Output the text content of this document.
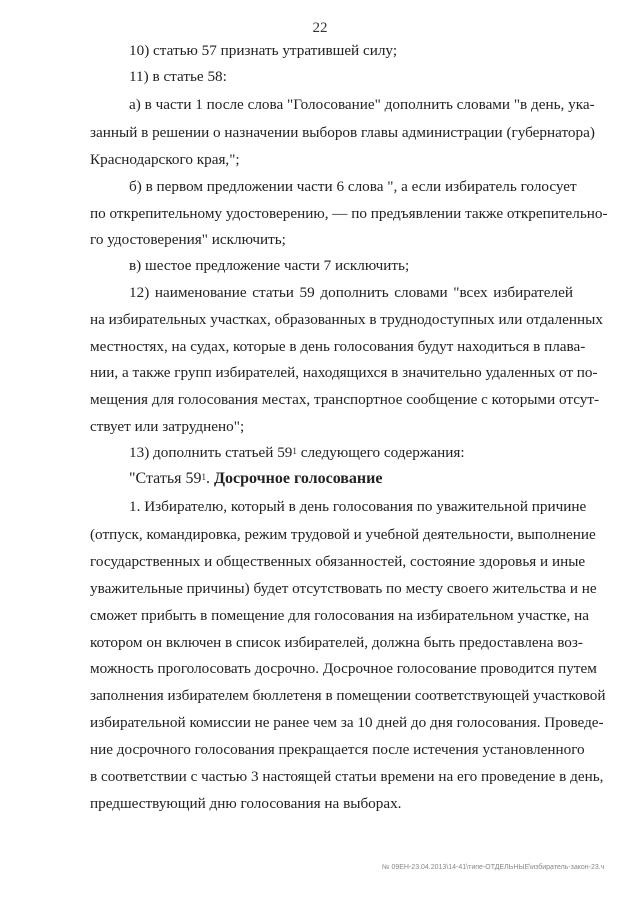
22
10) статью 57 признать утратившей силу;
11) в статье 58:
а) в части 1 после слова "Голосование" дополнить словами "в день, ука-
занный в решении о назначении выборов главы администрации (губернатора)
Краснодарского края,";
б) в первом предложении части 6 слова ", а если избиратель голосует
по открепительному удостоверению, — по предъявлении также открепительно-
го удостоверения" исключить;
в) шестое предложение части 7 исключить;
12) наименование статьи 59 дополнить словами "всех избирателей
на избирательных участках, образованных в труднодоступных или отдаленных
местностях, на судах, которые в день голосования будут находиться в плава-
нии, а также групп избирателей, находящихся в значительно удаленных от по-
мещения для голосования местах, транспортное сообщение с которыми отсут-
ствует или затруднено";
13) дополнить статьей $59^1$ следующего содержания:
"Статья $59^1$. Досрочное голосование
1. Избирателю, который в день голосования по уважительной причине
(отпуск, командировка, режим трудовой и учебной деятельности, выполнение
государственных и общественных обязанностей, состояние здоровья и иные
уважительные причины) будет отсутствовать по месту своего жительства и не
сможет прибыть в помещение для голосования на избирательном участке, на
котором он включен в список избирателей, должна быть предоставлена воз-
можность проголосовать досрочно. Досрочное голосование проводится путем
заполнения избирателем бюллетеня в помещении соответствующей участковой
избирательной комиссии не ранее чем за 10 дней до дня голосования. Проведе-
ние досрочного голосования прекращается после истечения установленного
в соответствии с частью 3 настоящей статьи времени на его проведение в день,
предшествующий дню голосования на выборах.
№ 09ЕН-23.04.2013\14-41\типе-ОТДЕЛЬНЫЕ\избиратель-закон-23.ч
